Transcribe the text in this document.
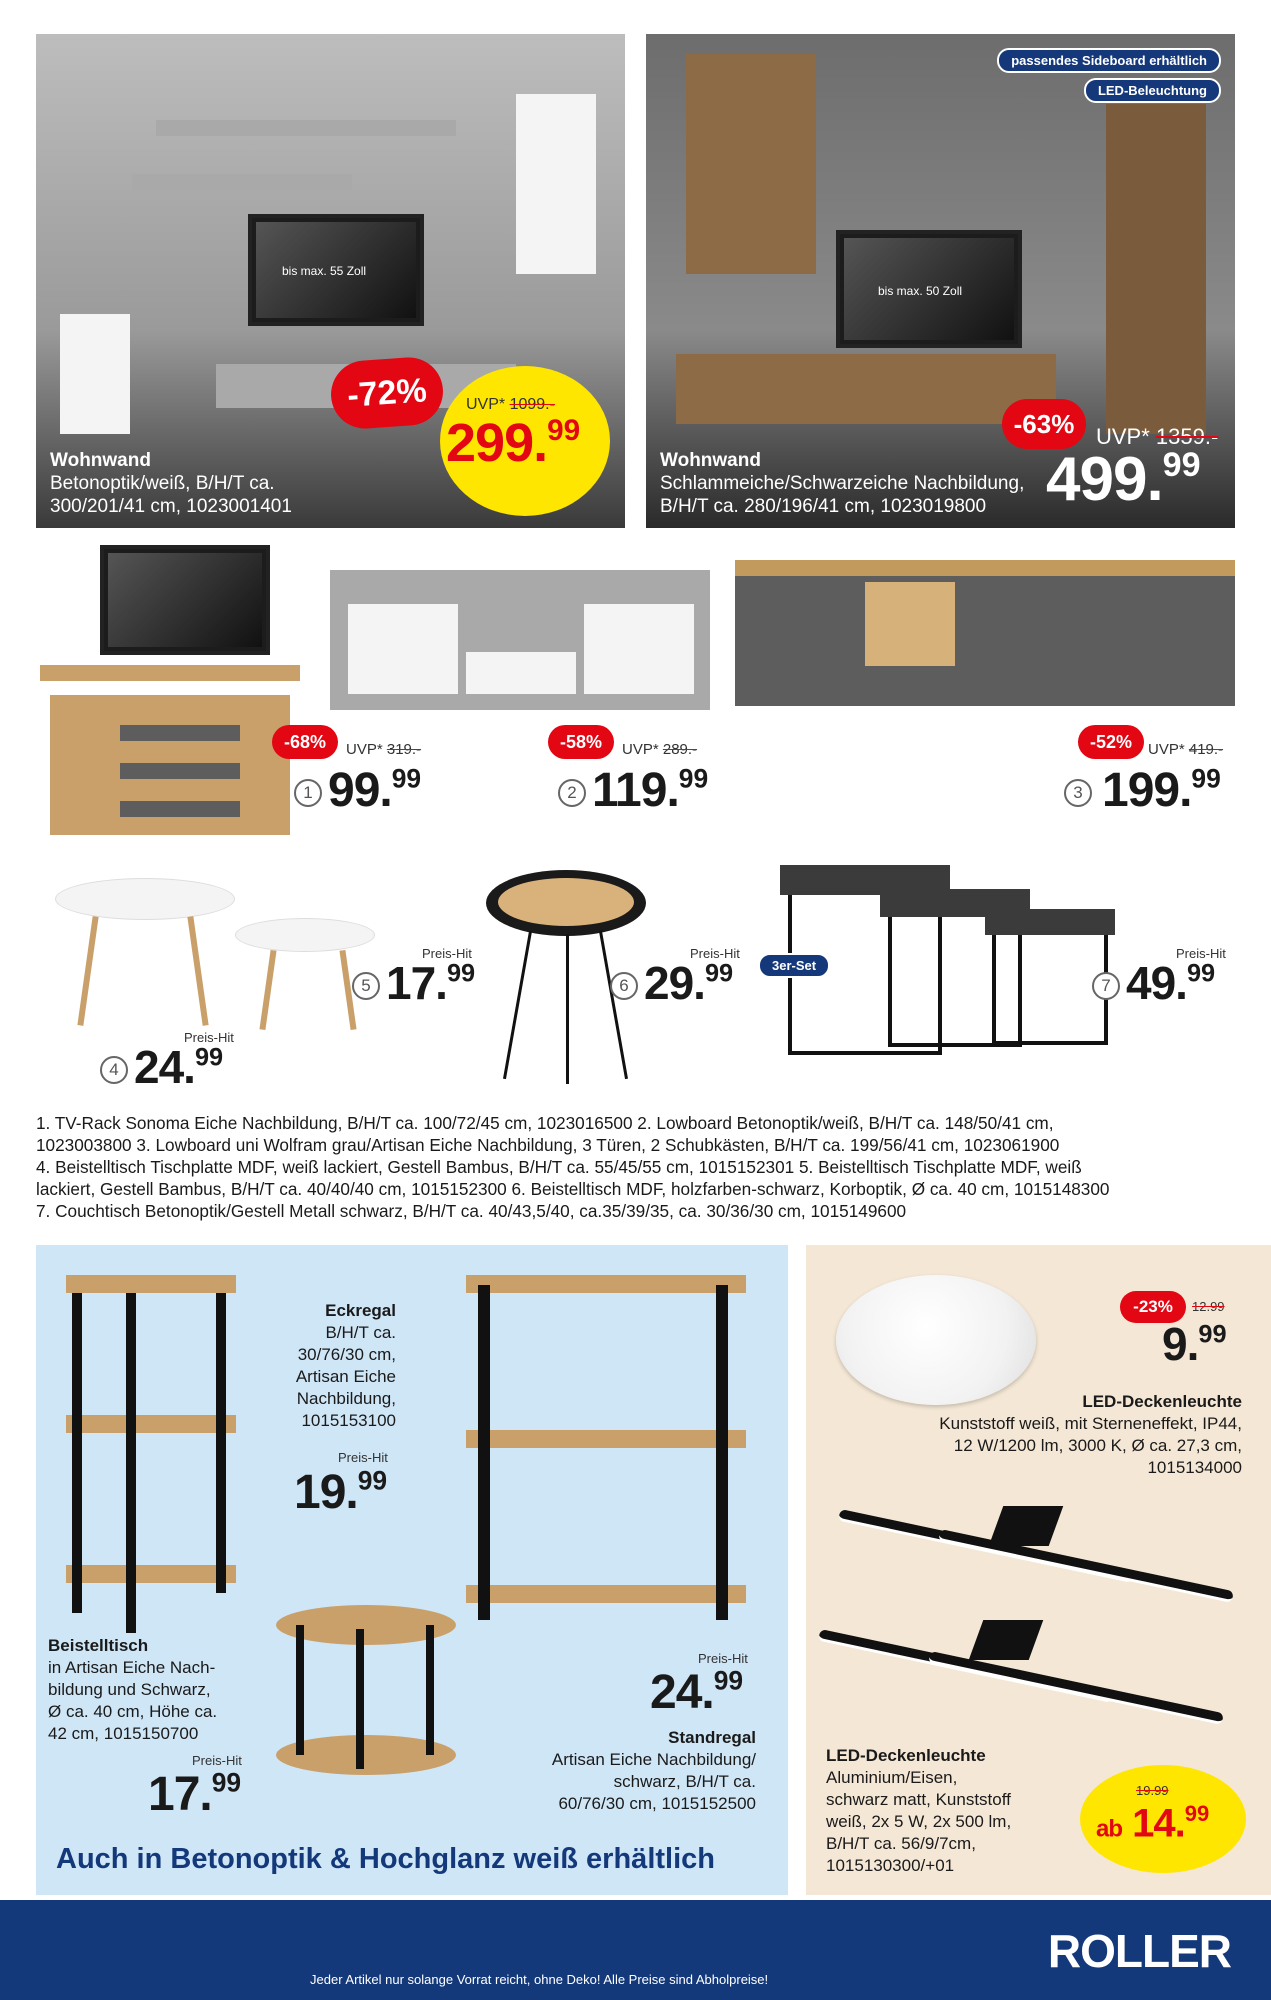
bis max. 55 Zoll
-72%	UVP* 1099.-
299.99
Wohnwand
Betonoptik/weiß, B/H/T ca.
300/201/41 cm, 1023001401
bis max. 50 Zoll
passendes Sideboard erhältlich
LED-Beleuchtung
-63% UVP* 1359.-
499.99
Wohnwand
Schlammeiche/Schwarzeiche Nachbildung,
B/H/T ca. 280/196/41 cm, 1023019800
-68%	UVP* 319.-
1 99.99
-58%	UVP* 289.-
2 119.99
-52%	UVP* 419.-
3 199.99
Preis-Hit
4 24.99
Preis-Hit
5 17.99
Preis-Hit
6 29.99	3er-Set
Preis-Hit
7 49.99
1. TV-Rack Sonoma Eiche Nachbildung, B/H/T ca. 100/72/45 cm, 1023016500 2. Lowboard Betonoptik/weiß, B/H/T ca. 148/50/41 cm,
1023003800 3. Lowboard uni Wolfram grau/Artisan Eiche Nachbildung, 3 Türen, 2 Schubkästen, B/H/T ca. 199/56/41 cm, 1023061900
4. Beistelltisch Tischplatte MDF, weiß lackiert, Gestell Bambus, B/H/T ca. 55/45/55 cm, 1015152301 5. Beistelltisch Tischplatte MDF, weiß
lackiert, Gestell Bambus, B/H/T ca. 40/40/40 cm, 1015152300 6. Beistelltisch MDF, holzfarben-schwarz, Korboptik, Ø ca. 40 cm, 1015148300
7. Couchtisch Betonoptik/Gestell Metall schwarz, B/H/T ca. 40/43,5/40, ca.35/39/35, ca. 30/36/30 cm, 1015149600
Eckregal
B/H/T ca.
30/76/30 cm,
Artisan Eiche
Nachbildung,
1015153100
Preis-Hit
19.99
Beistelltisch
in Artisan Eiche Nach-
bildung und Schwarz,
Ø ca. 40 cm, Höhe ca.
42 cm, 1015150700
Preis-Hit
17.99
Preis-Hit
24.99
Standregal
Artisan Eiche Nachbildung/
schwarz, B/H/T ca.
60/76/30 cm, 1015152500
Auch in Betonoptik & Hochglanz weiß erhältlich
-23%	12.99
9.99
LED-Deckenleuchte
Kunststoff weiß, mit Sterneneffekt, IP44,
12 W/1200 lm, 3000 K, Ø ca. 27,3 cm,
1015134000
LED-Deckenleuchte
Aluminium/Eisen,
schwarz matt, Kunststoff
weiß, 2x 5 W, 2x 500 lm,
B/H/T ca. 56/9/7cm,
1015130300/+01
19.99
ab 14.99
Jeder Artikel nur solange Vorrat reicht, ohne Deko! Alle Preise sind Abholpreise!
ROLLER
